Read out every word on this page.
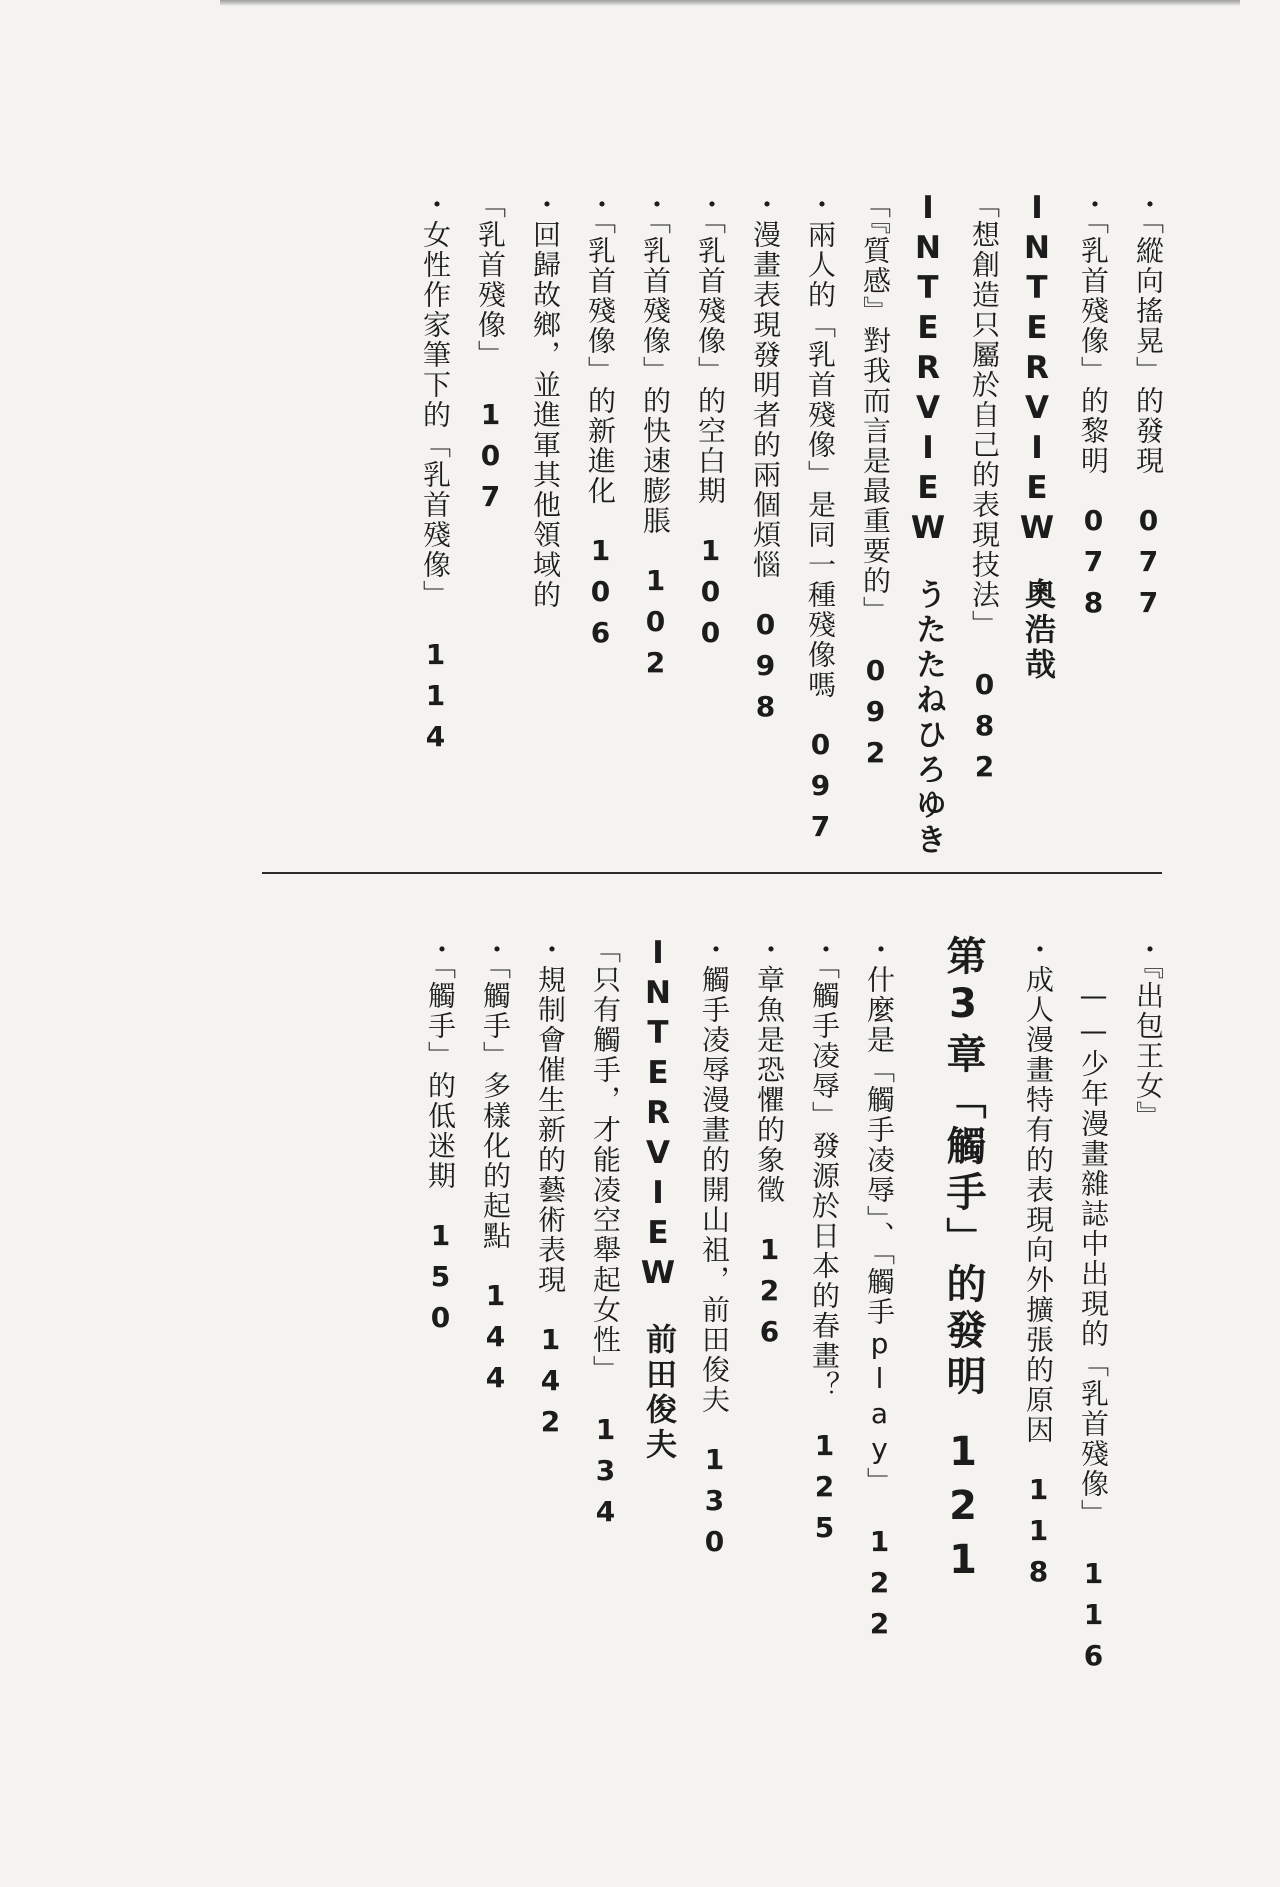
・「縱向搖晃」的發現077
・「乳首殘像」的黎明078
INTERVIEW奧浩哉
「想創造只屬於自己的表現技法」082
INTERVIEWうたたねひろゆき
「『質感』對我而言是最重要的」092
・兩人的「乳首殘像」是同一種殘像嗎097
・漫畫表現發明者的兩個煩惱098
・「乳首殘像」的空白期100
・「乳首殘像」的快速膨脹102
・「乳首殘像」的新進化106
・回歸故鄉，並進軍其他領域的
「乳首殘像」107
・女性作家筆下的「乳首殘像」114
・『出包王女』
——少年漫畫雜誌中出現的「乳首殘像」116
・成人漫畫特有的表現向外擴張的原因118
第3章「觸手」的發明121
・什麼是「觸手凌辱」、「觸手play」122
・「觸手凌辱」發源於日本的春畫？125
・章魚是恐懼的象徵126
・觸手凌辱漫畫的開山祖，前田俊夫130
INTERVIEW前田俊夫
「只有觸手，才能凌空舉起女性」134
・規制會催生新的藝術表現142
・「觸手」多樣化的起點144
・「觸手」的低迷期150
